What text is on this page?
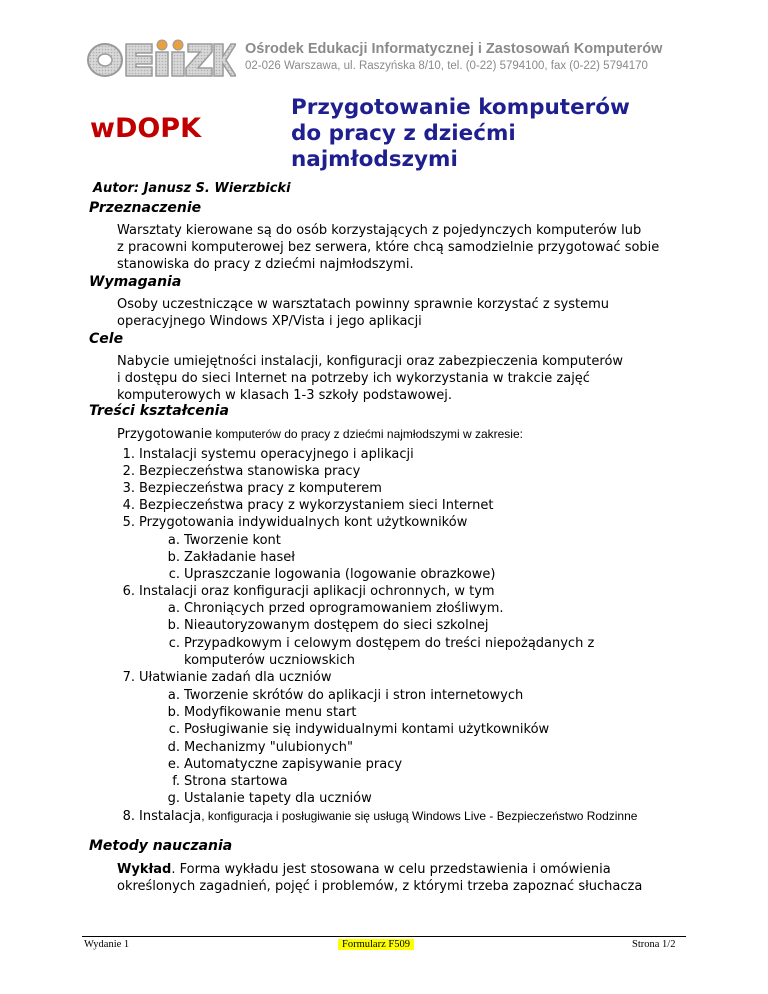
Ośrodek Edukacji Informatycznej i Zastosowań Komputerów
02-026 Warszawa, ul. Raszyńska 8/10, tel. (0-22) 5794100, fax (0-22) 5794170
wDOPK
Przygotowanie komputerów
do pracy z dziećmi
najmłodszymi
Autor: Janusz S. Wierzbicki
Przeznaczenie
Warsztaty kierowane są do osób korzystających z pojedynczych komputerów lub
z pracowni komputerowej bez serwera, które chcą samodzielnie przygotować sobie
stanowiska do pracy z dziećmi najmłodszymi.
Wymagania
Osoby uczestniczące w warsztatach powinny sprawnie korzystać z systemu
operacyjnego Windows XP/Vista i jego aplikacji
Cele
Nabycie umiejętności instalacji, konfiguracji oraz zabezpieczenia komputerów
i dostępu do sieci Internet na potrzeby ich wykorzystania w trakcie zajęć
komputerowych w klasach 1-3 szkoły podstawowej.
Treści kształcenia
Przygotowanie komputerów do pracy z dziećmi najmłodszymi w zakresie:
1. Instalacji systemu operacyjnego i aplikacji
2. Bezpieczeństwa stanowiska pracy
3. Bezpieczeństwa pracy z komputerem
4. Bezpieczeństwa pracy z wykorzystaniem sieci Internet
5. Przygotowania indywidualnych kont użytkowników
a. Tworzenie kont
b. Zakładanie haseł
c. Upraszczanie logowania (logowanie obrazkowe)
6. Instalacji oraz konfiguracji aplikacji ochronnych, w tym
a. Chroniących przed oprogramowaniem złośliwym.
b. Nieautoryzowanym dostępem do sieci szkolnej
c. Przypadkowym i celowym dostępem do treści niepożądanych z
komputerów uczniowskich
7. Ułatwianie zadań dla uczniów
a. Tworzenie skrótów do aplikacji i stron internetowych
b. Modyfikowanie menu start
c. Posługiwanie się indywidualnymi kontami użytkowników
d. Mechanizmy "ulubionych"
e. Automatyczne zapisywanie pracy
f. Strona startowa
g. Ustalanie tapety dla uczniów
8. Instalacja, konfiguracja i posługiwanie się usługą Windows Live - Bezpieczeństwo Rodzinne
Metody nauczania
Wykład. Forma wykładu jest stosowana w celu przedstawienia i omówienia
określonych zagadnień, pojęć i problemów, z którymi trzeba zapoznać słuchacza
Wydanie 1	Formularz F509	Strona 1/2
